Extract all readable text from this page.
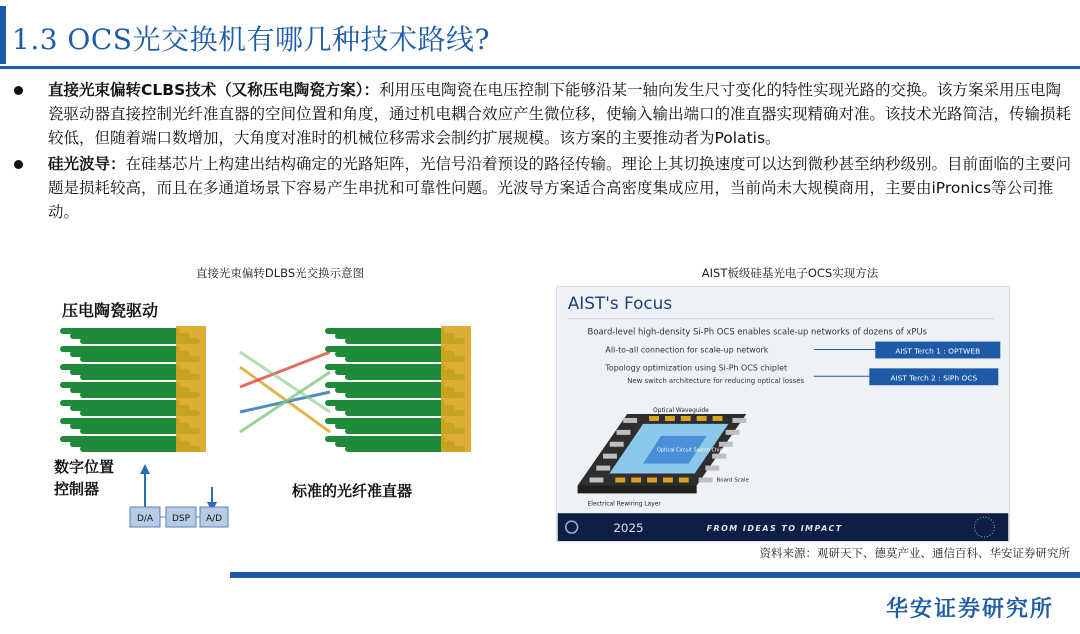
1.3 OCS光交换机有哪几种技术路线?
直接光束偏转CLBS技术（又称压电陶瓷方案）：利用压电陶瓷在电压控制下能够沿某一轴向发生尺寸变化的特性实现光路的交换。该方案采用压电陶瓷驱动器直接控制光纤准直器的空间位置和角度，通过机电耦合效应产生微位移，使输入输出端口的准直器实现精确对准。该技术光路简洁，传输损耗较低，但随着端口数增加，大角度对准时的机械位移需求会制约扩展规模。该方案的主要推动者为Polatis。
硅光波导：在硅基芯片上构建出结构确定的光路矩阵，光信号沿着预设的路径传输。理论上其切换速度可以达到微秒甚至纳秒级别。目前面临的主要问题是损耗较高，而且在多通道场景下容易产生串扰和可靠性问题。光波导方案适合高密度集成应用，当前尚未大规模商用，主要由iPronics等公司推动。
直接光束偏转DLBS光交换示意图	AIST板级硅基光电子OCS实现方法
压电陶瓷驱动
数字位置
控制器	标准的光纤准直器
D/A DSP A/D
AIST's Focus
Board-level high-density Si-Ph OCS enables scale-up networks of dozens of xPUs
All-to-all connection for scale-up network
Topology optimization using Si-Ph OCS chiplet
New switch architecture for reducing optical losses
AIST Terch 1 : OPTWEB
AIST Terch 2 : SiPh OCS
Optical Waveguide
Optical Circuit Switch Chiplet
Board Scale
Electrical Rewiring Layer
2025	FROM IDEAS TO IMPACT
资料来源：观研天下、德莫产业、通信百科、华安证券研究所
华安证券研究所
